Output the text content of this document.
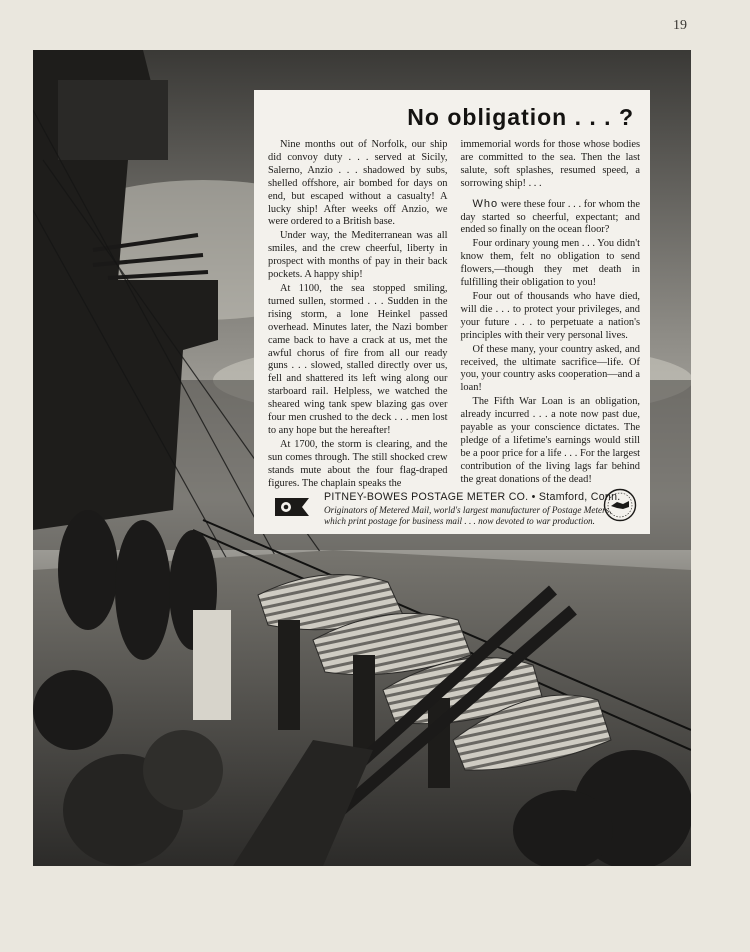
19
No obligation . . . ?

Nine months out of Norfolk, our ship did convoy duty . . . served at Sicily, Salerno, Anzio . . . shadowed by subs, shelled offshore, air bombed for days on end, but escaped without a casualty! A lucky ship! After weeks off Anzio, we were ordered to a British base.

Under way, the Mediterranean was all smiles, and the crew cheerful, liberty in prospect with months of pay in their back pockets. A happy ship!

At 1100, the sea stopped smiling, turned sullen, stormed . . . Sudden in the rising storm, a lone Heinkel passed overhead. Minutes later, the Nazi bomber came back to have a crack at us, met the awful chorus of fire from all our ready guns . . . slowed, stalled directly over us, fell and shattered its left wing along our starboard rail. Helpless, we watched the sheared wing tank spew blazing gas over four men crushed to the deck . . . men lost to any hope but the hereafter!

At 1700, the storm is clearing, and the sun comes through. The still shocked crew stands mute about the four flag-draped figures. The chaplain speaks the

immemorial words for those whose bodies are committed to the sea. Then the last salute, soft splashes, resumed speed, a sorrowing ship! . . .

Who were these four . . . for whom the day started so cheerful, expectant; and ended so finally on the ocean floor?

Four ordinary young men . . . You didn't know them, felt no obligation to send flowers,—though they met death in fulfilling their obligation to you!

Four out of thousands who have died, will die . . . to protect your privileges, and your future . . . to perpetuate a nation's principles with their very personal lives.

Of these many, your country asked, and received, the ultimate sacrifice—life. Of you, your country asks cooperation—and a loan!

The Fifth War Loan is an obligation, already incurred . . . a note now past due, payable as your conscience dictates. The pledge of a lifetime's earnings would still be a poor price for a life . . . For the largest contribution of the living lags far behind the great donations of the dead!

PITNEY-BOWES POSTAGE METER CO. • Stamford, Conn.
Originators of Metered Mail, world's largest manufacturer of Postage Meters,
which print postage for business mail . . . now devoted to war production.
